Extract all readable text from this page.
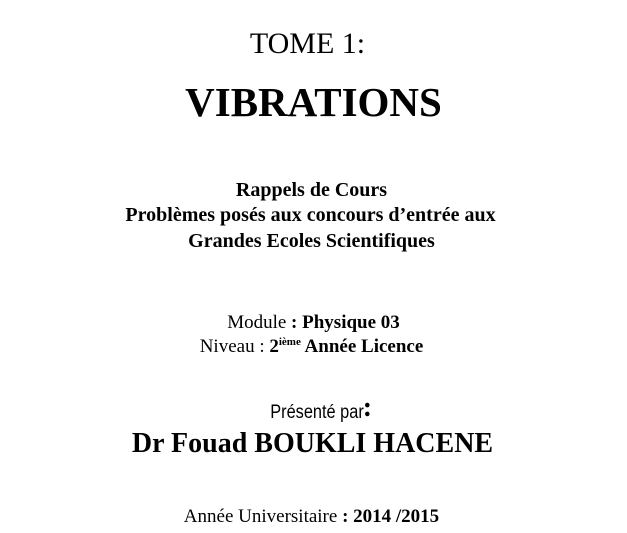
TOME 1:
VIBRATIONS
Rappels de Cours
Problèmes posés aux concours d’entrée aux
Grandes Ecoles Scientifiques
Module : Physique 03
Niveau : 2ième Année Licence
Présenté par:
Dr Fouad BOUKLI HACENE
Année Universitaire : 2014 /2015
